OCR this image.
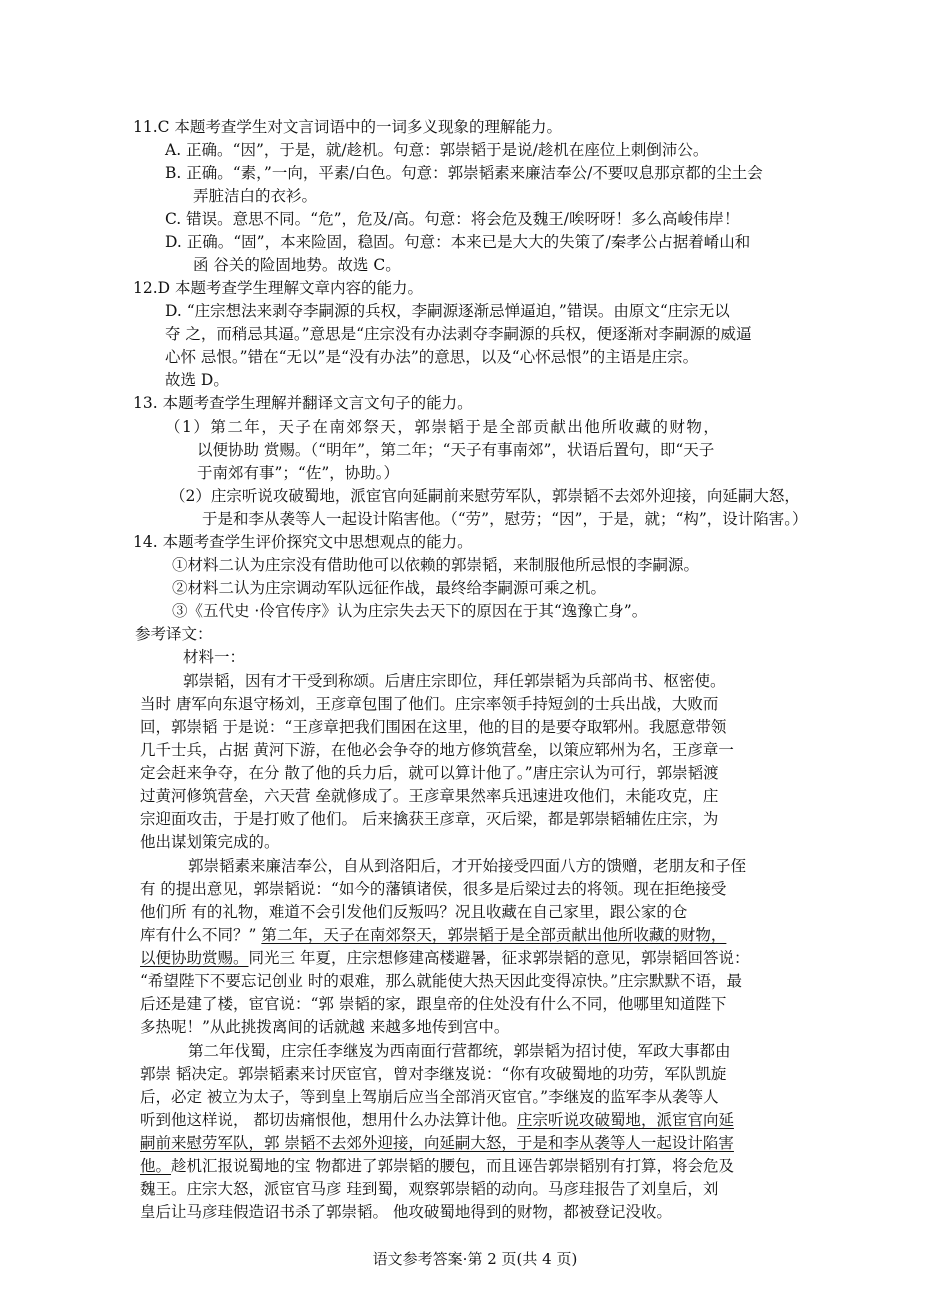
11.C 本题考查学生对文言词语中的一词多义现象的理解能力。
A. 正确。“因”，于是，就/趁机。句意：郭崇韬于是说/趁机在座位上刺倒沛公。
B. 正确。“素，”一向，平素/白色。句意：郭崇韬素来廉洁奉公/不要叹息那京都的尘土会
弄脏洁白的衣衫。
C. 错误。意思不同。“危”，危及/高。句意：将会危及魏王/唉呀呀！多么高峻伟岸！
D. 正确。“固”，本来险固，稳固。句意：本来已是大大的失策了/秦孝公占据着崤山和
函 谷关的险固地势。故选 C。
12.D 本题考查学生理解文章内容的能力。
D. “庄宗想法来剥夺李嗣源的兵权，李嗣源逐渐忌惮逼迫，”错误。由原文“庄宗无以
夺 之，而稍忌其逼。”意思是“庄宗没有办法剥夺李嗣源的兵权，便逐渐对李嗣源的威逼
心怀 忌恨。”错在“无以”是“没有办法”的意思，以及“心怀忌恨”的主语是庄宗。
故选 D。
13. 本题考查学生理解并翻译文言文句子的能力。
（1）第二年，天子在南郊祭天，郭崇韬于是全部贡献出他所收藏的财物，
以便协助 赏赐。（“明年”，第二年；“天子有事南郊”，状语后置句，即“天子
于南郊有事”；“佐”，协助。）
（2）庄宗听说攻破蜀地，派宦官向延嗣前来慰劳军队，郭崇韬不去郊外迎接，向延嗣大怒，
于是和李从袭等人一起设计陷害他。（“劳”，慰劳；“因”，于是，就；“构”，设计陷害。）
14. 本题考查学生评价探究文中思想观点的能力。
①材料二认为庄宗没有借助他可以依赖的郭崇韬，来制服他所忌恨的李嗣源。
②材料二认为庄宗调动军队远征作战，最终给李嗣源可乘之机。
③《五代史 ·伶官传序》认为庄宗失去天下的原因在于其“逸豫亡身”。
参考译文：
材料一：
郭崇韬，因有才干受到称颂。后唐庄宗即位，拜任郭崇韬为兵部尚书、枢密使。
当时 唐军向东退守杨刘，王彦章包围了他们。庄宗率领手持短剑的士兵出战，大败而
回，郭崇韬 于是说：“王彦章把我们围困在这里，他的目的是要夺取郓州。我愿意带领
几千士兵，占据 黄河下游，在他必会争夺的地方修筑营垒，以策应郓州为名，王彦章一
定会赶来争夺，在分 散了他的兵力后，就可以算计他了。”唐庄宗认为可行，郭崇韬渡
过黄河修筑营垒，六天营 垒就修成了。王彦章果然率兵迅速进攻他们，未能攻克，庄
宗迎面攻击，于是打败了他们。 后来擒获王彦章，灭后梁，都是郭崇韬辅佐庄宗，为
他出谋划策完成的。
郭崇韬素来廉洁奉公，自从到洛阳后，才开始接受四面八方的馈赠，老朋友和子侄
有 的提出意见，郭崇韬说：“如今的藩镇诸侯，很多是后梁过去的将领。现在拒绝接受
他们所 有的礼物，难道不会引发他们反叛吗？况且收藏在自己家里，跟公家的仓
库有什么不同？” 第二年，天子在南郊祭天，郭崇韬于是全部贡献出他所收藏的财物，
以便协助赏赐。同光三 年夏，庄宗想修建高楼避暑，征求郭崇韬的意见，郭崇韬回答说：
“希望陛下不要忘记创业 时的艰难，那么就能使大热天因此变得凉快。”庄宗默默不语，最
后还是建了楼，宦官说：“郭 崇韬的家，跟皇帝的住处没有什么不同，他哪里知道陛下
多热呢！”从此挑拨离间的话就越 来越多地传到宫中。
第二年伐蜀，庄宗任李继岌为西南面行营都统，郭崇韬为招讨使，军政大事都由
郭崇 韬决定。郭崇韬素来讨厌宦官，曾对李继岌说：“你有攻破蜀地的功劳，军队凯旋
后，必定 被立为太子，等到皇上驾崩后应当全部消灭宦官。”李继岌的监军李从袭等人
听到他这样说， 都切齿痛恨他，想用什么办法算计他。庄宗听说攻破蜀地，派宦官向延
嗣前来慰劳军队，郭 崇韬不去郊外迎接，向延嗣大怒，于是和李从袭等人一起设计陷害
他。趁机汇报说蜀地的宝 物都进了郭崇韬的腰包，而且诬告郭崇韬别有打算，将会危及
魏王。庄宗大怒，派宦官马彦 珪到蜀，观察郭崇韬的动向。马彦珪报告了刘皇后，刘
皇后让马彦珪假造诏书杀了郭崇韬。 他攻破蜀地得到的财物，都被登记没收。
语文参考答案·第 2 页(共 4 页)
